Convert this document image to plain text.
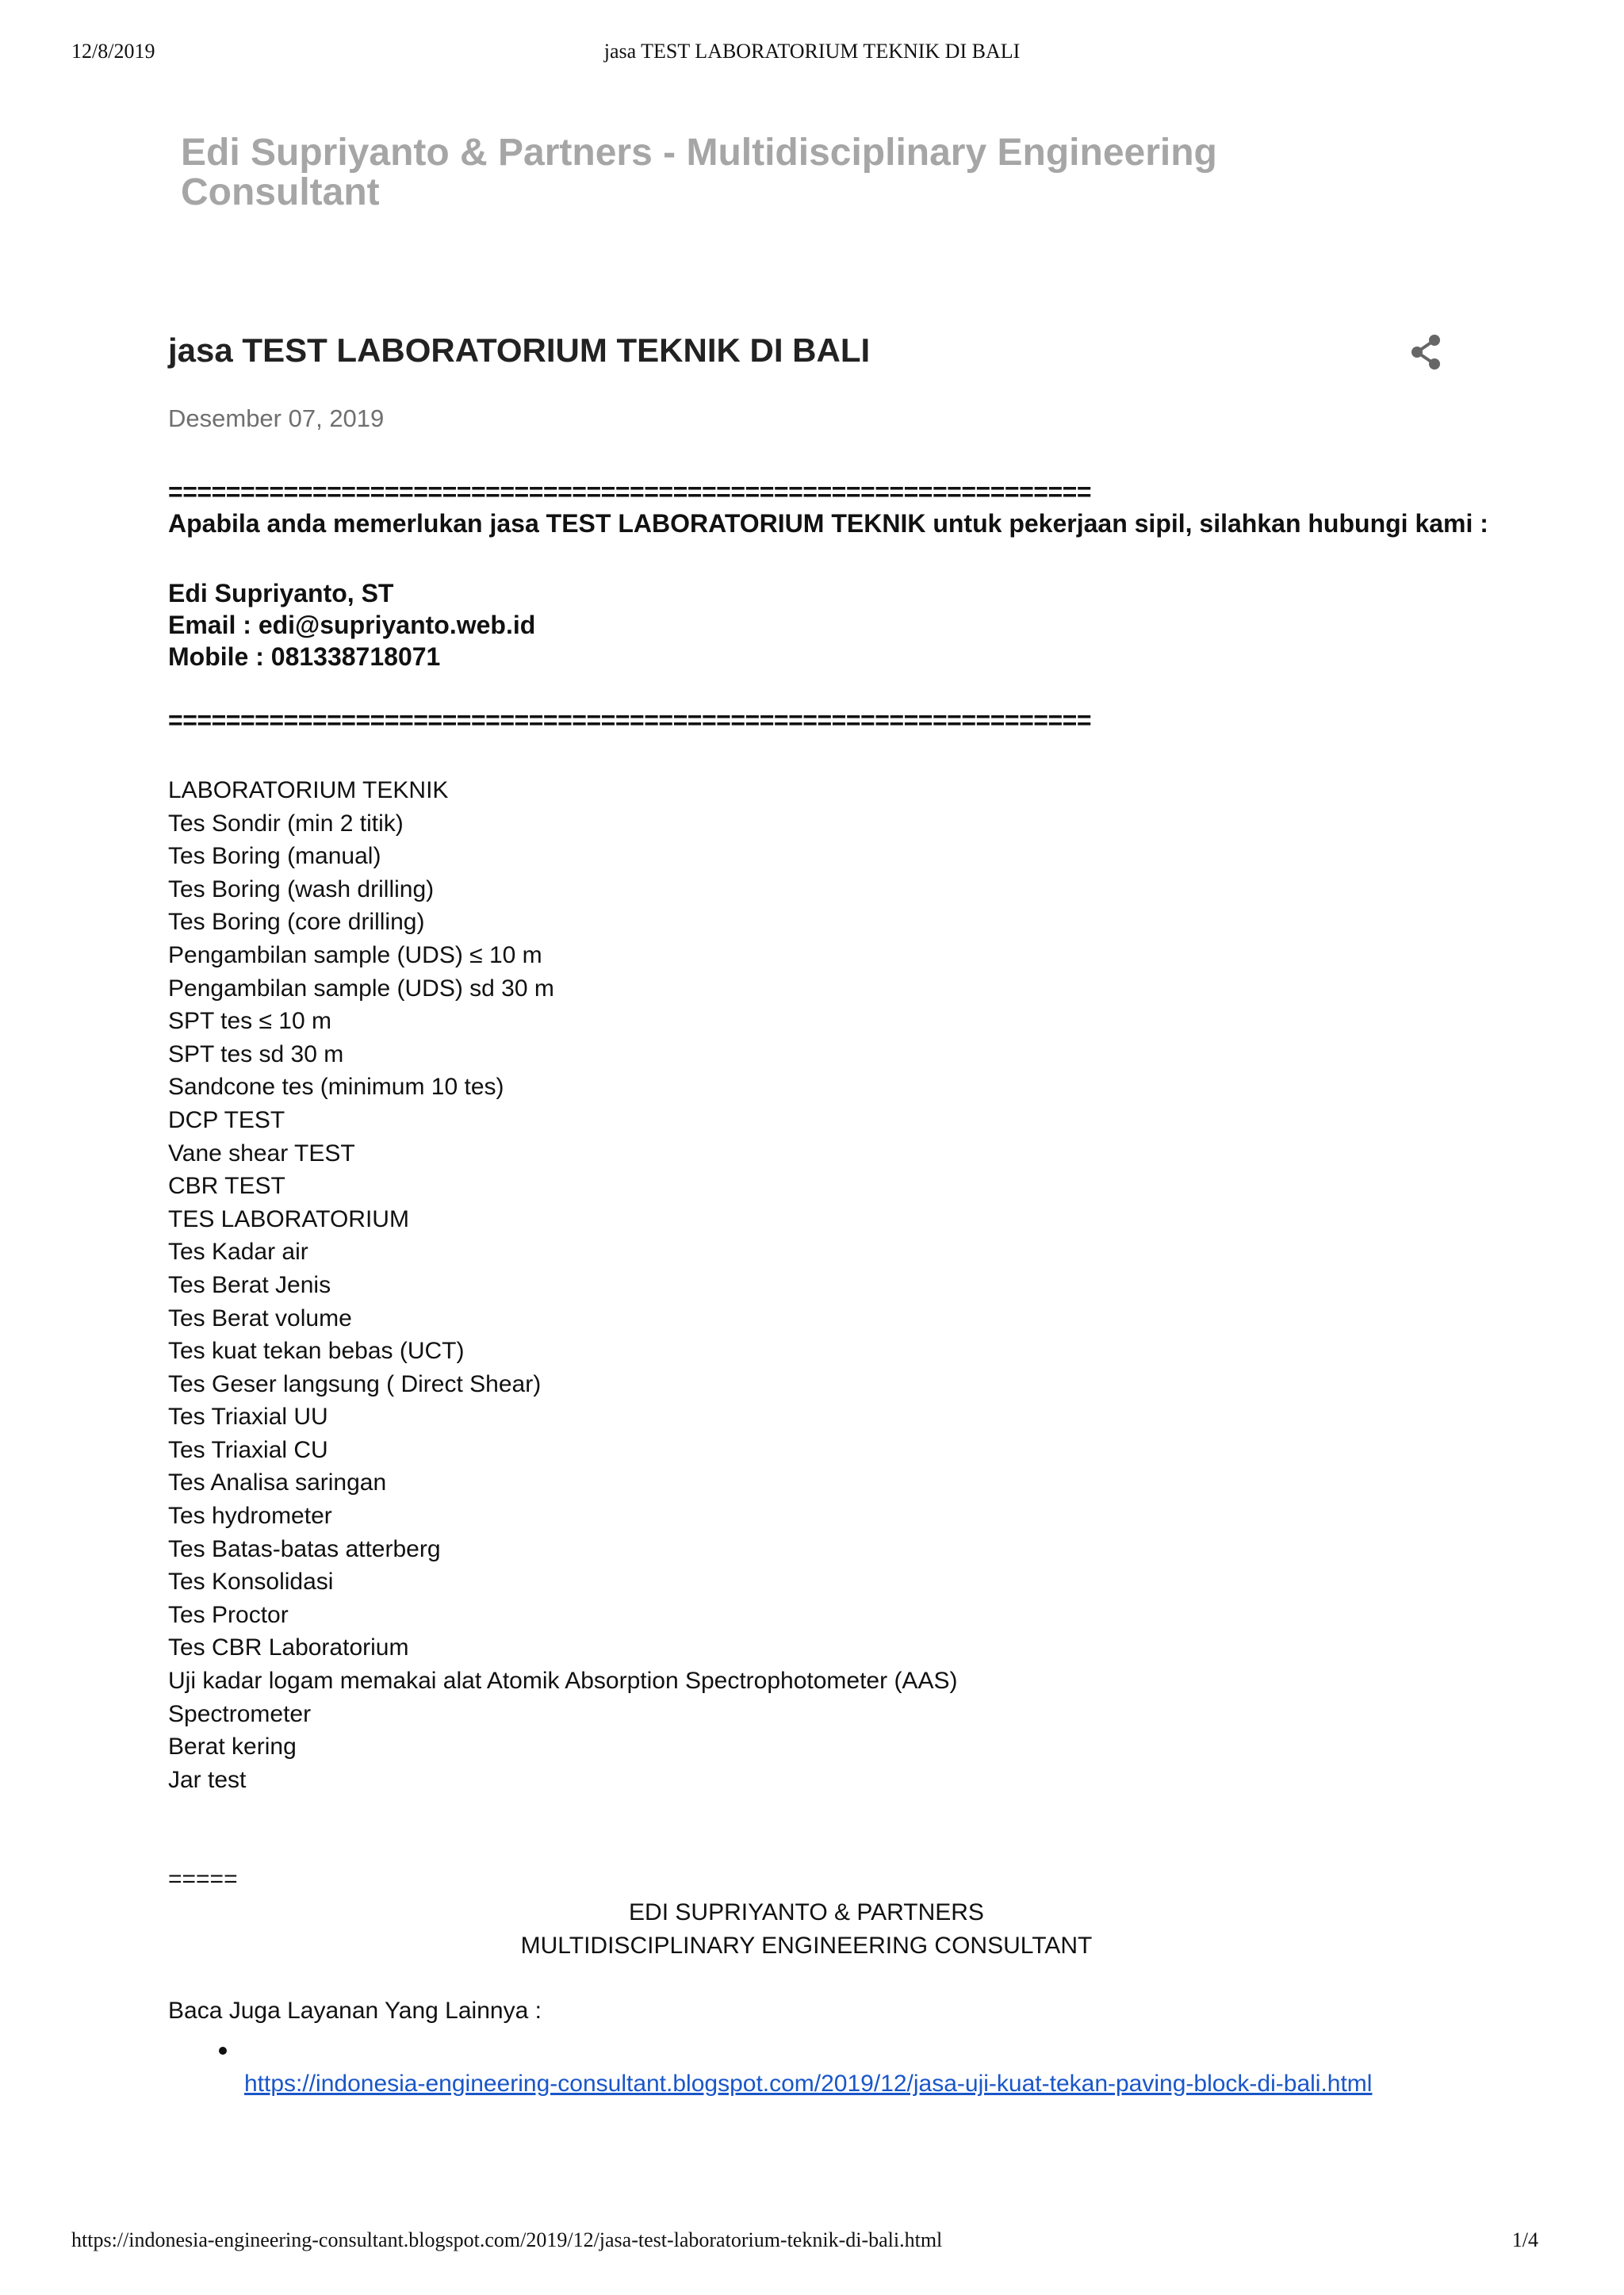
12/8/2019	jasa TEST LABORATORIUM TEKNIK DI BALI
Edi Supriyanto & Partners - Multidisciplinary Engineering Consultant
jasa TEST LABORATORIUM TEKNIK DI BALI
Desember 07, 2019
================================================================
Apabila anda memerlukan jasa TEST LABORATORIUM TEKNIK untuk pekerjaan sipil, silahkan hubungi kami :
Edi Supriyanto, ST
Email : edi@supriyanto.web.id
Mobile : 081338718071
================================================================
LABORATORIUM TEKNIK
Tes Sondir (min 2 titik)
Tes Boring (manual)
Tes Boring (wash drilling)
Tes Boring (core drilling)
Pengambilan sample (UDS) ≤ 10 m
Pengambilan sample (UDS) sd 30 m
SPT tes ≤ 10 m
SPT tes sd 30 m
Sandcone tes (minimum 10 tes)
DCP TEST
Vane shear TEST
CBR TEST
TES LABORATORIUM
Tes Kadar air
Tes Berat Jenis
Tes Berat volume
Tes kuat tekan bebas (UCT)
Tes Geser langsung ( Direct Shear)
Tes Triaxial UU
Tes Triaxial CU
Tes Analisa saringan
Tes hydrometer
Tes Batas-batas atterberg
Tes Konsolidasi
Tes Proctor
Tes CBR Laboratorium
Uji kadar logam memakai alat Atomik Absorption Spectrophotometer (AAS)
Spectrometer
Berat kering
Jar test
=====
EDI SUPRIYANTO & PARTNERS
MULTIDISCIPLINARY ENGINEERING CONSULTANT
Baca Juga Layanan Yang Lainnya :
https://indonesia-engineering-consultant.blogspot.com/2019/12/jasa-uji-kuat-tekan-paving-block-di-bali.html
https://indonesia-engineering-consultant.blogspot.com/2019/12/jasa-test-laboratorium-teknik-di-bali.html	1/4
